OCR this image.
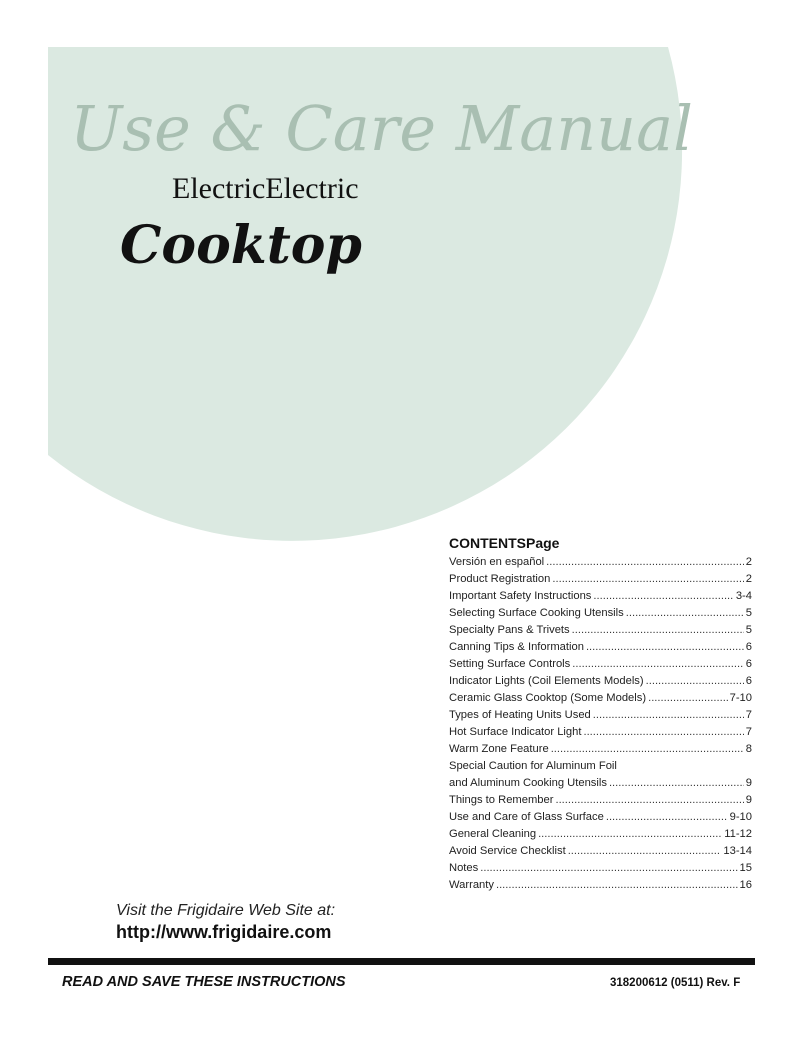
Use & Care Manual
ElectricElectric
Cooktop
CONTENTSPage
Versión en español .....	2
Product Registration .....	2
Important Safety Instructions .....	3-4
Selecting Surface Cooking Utensils .....	5
Specialty Pans & Trivets .....	5
Canning Tips & Information .....	6
Setting Surface Controls .....	6
Indicator Lights (Coil Elements Models) .....	6
Ceramic Glass Cooktop (Some Models) .....	7-10
Types of Heating Units Used .....	7
Hot Surface Indicator Light .....	7
Warm Zone Feature .....	8
Special Caution for Aluminum Foil
and Aluminum Cooking Utensils .....	9
Things to Remember .....	9
Use and Care of Glass Surface .....	9-10
General Cleaning .....	11-12
Avoid Service Checklist .....	13-14
Notes .....	15
Warranty .....	16
Visit the Frigidaire Web Site at:
http://www.frigidaire.com
READ AND SAVE THESE INSTRUCTIONS	318200612 (0511) Rev. F
